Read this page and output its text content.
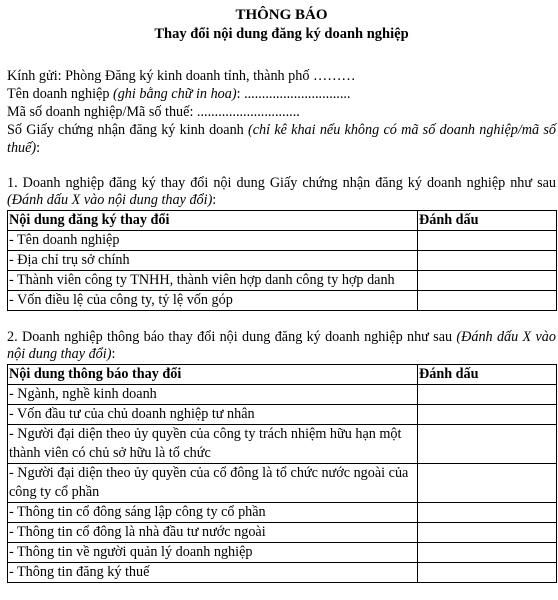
THÔNG BÁO
Thay đổi nội dung đăng ký doanh nghiệp

Kính gửi: Phòng Đăng ký kinh doanh tỉnh, thành phố ………

Tên doanh nghiệp (ghi bằng chữ in hoa): ..............................

Mã số doanh nghiệp/Mã số thuế: .............................

Số Giấy chứng nhận đăng ký kinh doanh (chỉ kê khai nếu không có mã số doanh nghiệp/mã số thuế):

1. Doanh nghiệp đăng ký thay đổi nội dung Giấy chứng nhận đăng ký doanh nghiệp như sau (Đánh dấu X vào nội dung thay đổi):

Nội dung đăng ký thay đổi	Đánh dấu
- Tên doanh nghiệp	
- Địa chỉ trụ sở chính	
- Thành viên công ty TNHH, thành viên hợp danh công ty hợp danh	
- Vốn điều lệ của công ty, tỷ lệ vốn góp	

2. Doanh nghiệp thông báo thay đổi nội dung đăng ký doanh nghiệp như sau (Đánh dấu X vào nội dung thay đổi):

Nội dung thông báo thay đổi	Đánh dấu
- Ngành, nghề kinh doanh	
- Vốn đầu tư của chủ doanh nghiệp tư nhân	
- Người đại diện theo ủy quyền của công ty trách nhiệm hữu hạn một thành viên có chủ sở hữu là tổ chức	
- Người đại diện theo ủy quyền của cổ đông là tổ chức nước ngoài của công ty cổ phần	
- Thông tin cổ đông sáng lập công ty cổ phần	
- Thông tin cổ đông là nhà đầu tư nước ngoài	
- Thông tin về người quản lý doanh nghiệp	
- Thông tin đăng ký thuế	
